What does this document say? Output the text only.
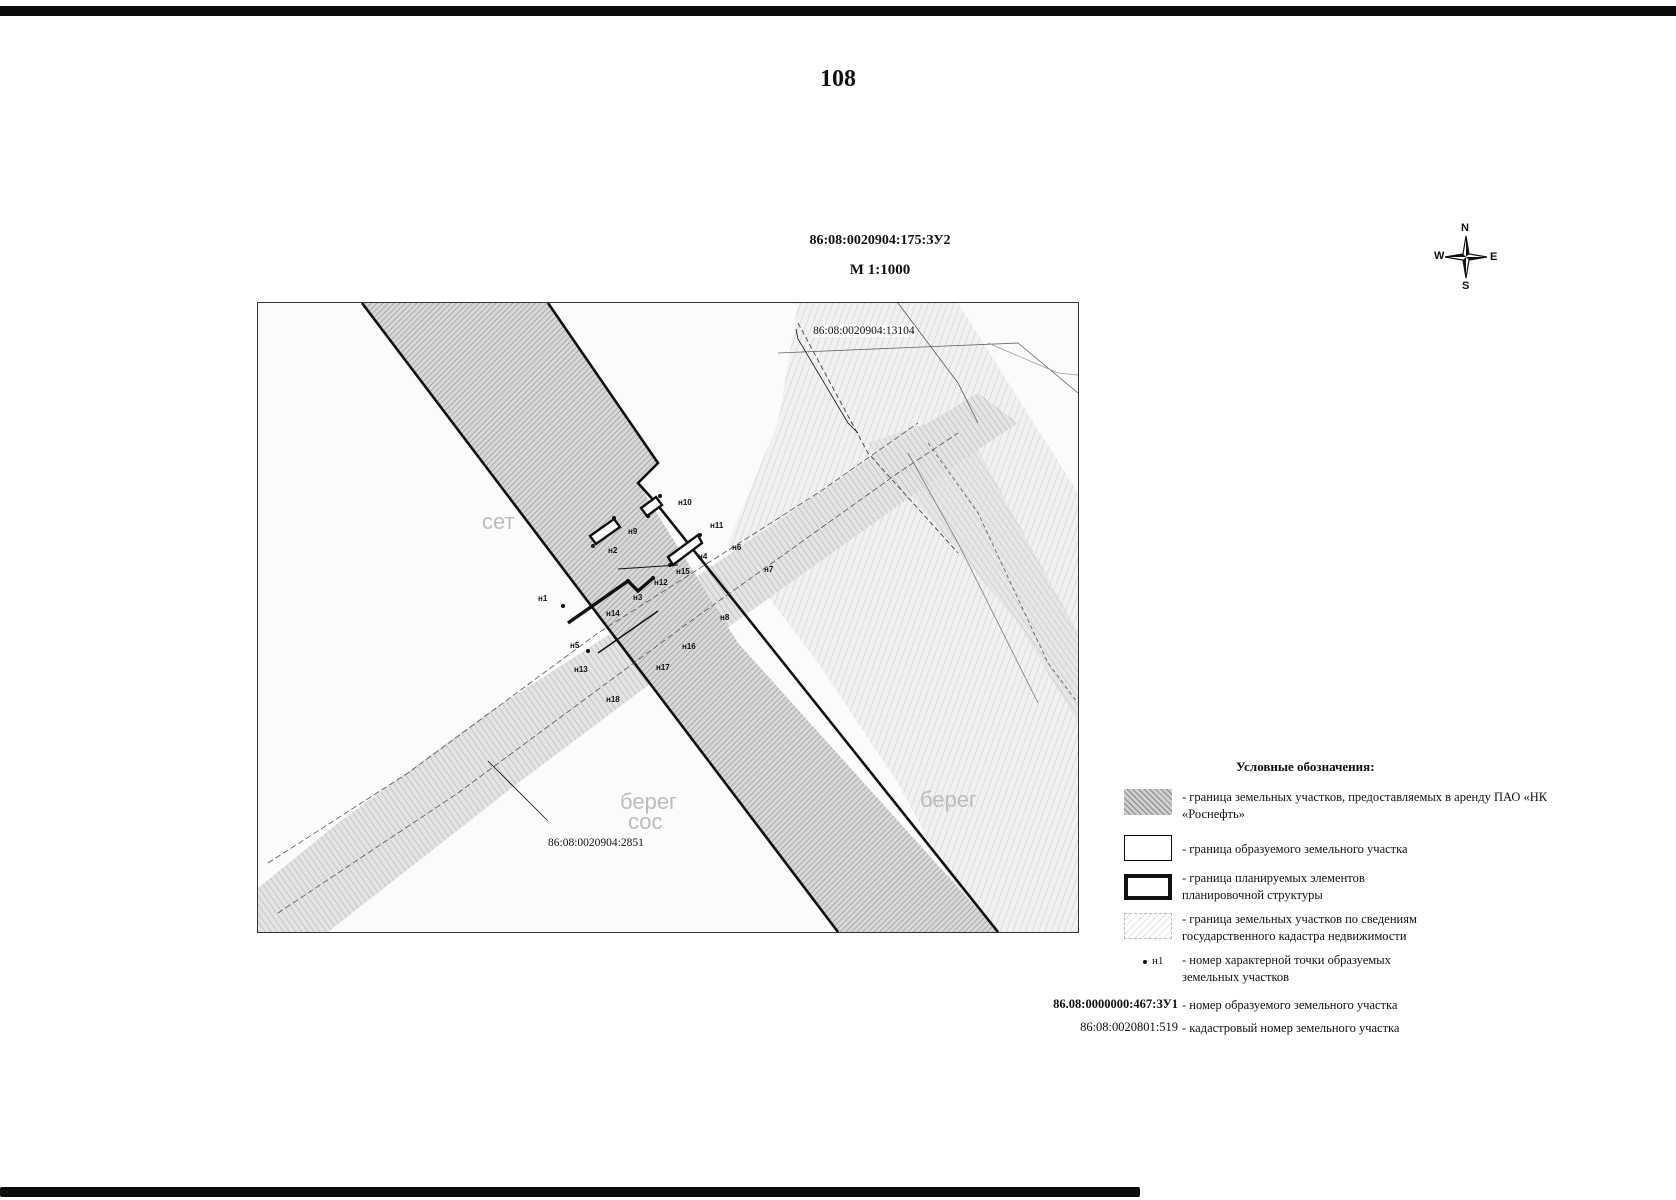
108
86:08:0020904:175:ЗУ2
М 1:1000
N
S
W	E
86:08:0020904:13104
86:08:0020904:2851
сет
берег
сос
берег
н10
н11
н9
н2
н12
н3
н15
н4
н6
н7
н1
н14
н5
н8
н16
н13	н17
н18
Условные обозначения:
- граница земельных участков, предоставляемых в аренду ПАО «НК «Роснефть»
- граница образуемого земельного участка
- граница планируемых элементов планировочной структуры
- граница земельных участков по сведениям государственного кадастра недвижимости
н1 - номер характерной точки образуемых земельных участков
86.08:0000000:467:ЗУ1 - номер образуемого земельного участка
86:08:0020801:519 - кадастровый номер земельного участка
